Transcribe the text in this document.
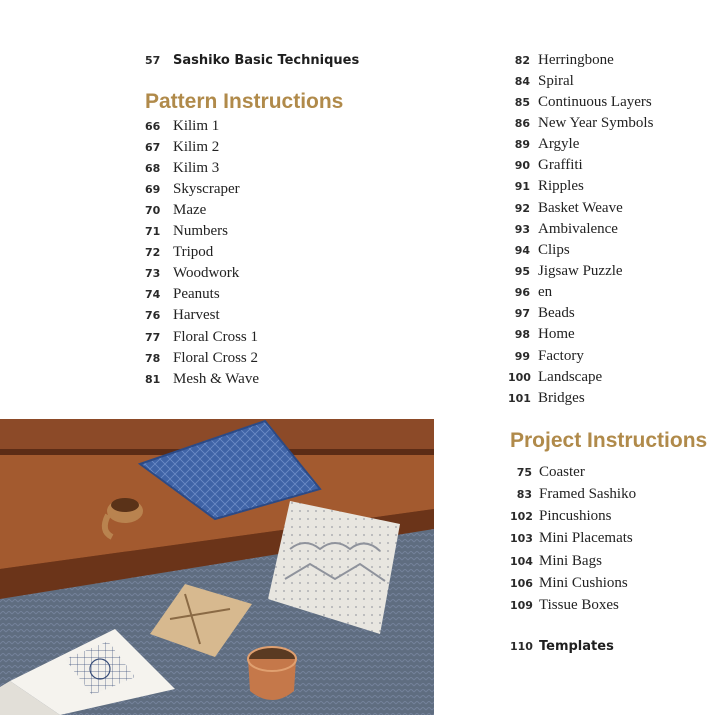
57 Sashiko Basic Techniques
Pattern Instructions
66 Kilim 1
67 Kilim 2
68 Kilim 3
69 Skyscraper
70 Maze
71 Numbers
72 Tripod
73 Woodwork
74 Peanuts
76 Harvest
77 Floral Cross 1
78 Floral Cross 2
81 Mesh & Wave
82 Herringbone
84 Spiral
85 Continuous Layers
86 New Year Symbols
89 Argyle
90 Graffiti
91 Ripples
92 Basket Weave
93 Ambivalence
94 Clips
95 Jigsaw Puzzle
96 en
97 Beads
98 Home
99 Factory
100 Landscape
101 Bridges
Project Instructions
75 Coaster
83 Framed Sashiko
102 Pincushions
103 Mini Placemats
104 Mini Bags
106 Mini Cushions
109 Tissue Boxes
110 Templates
